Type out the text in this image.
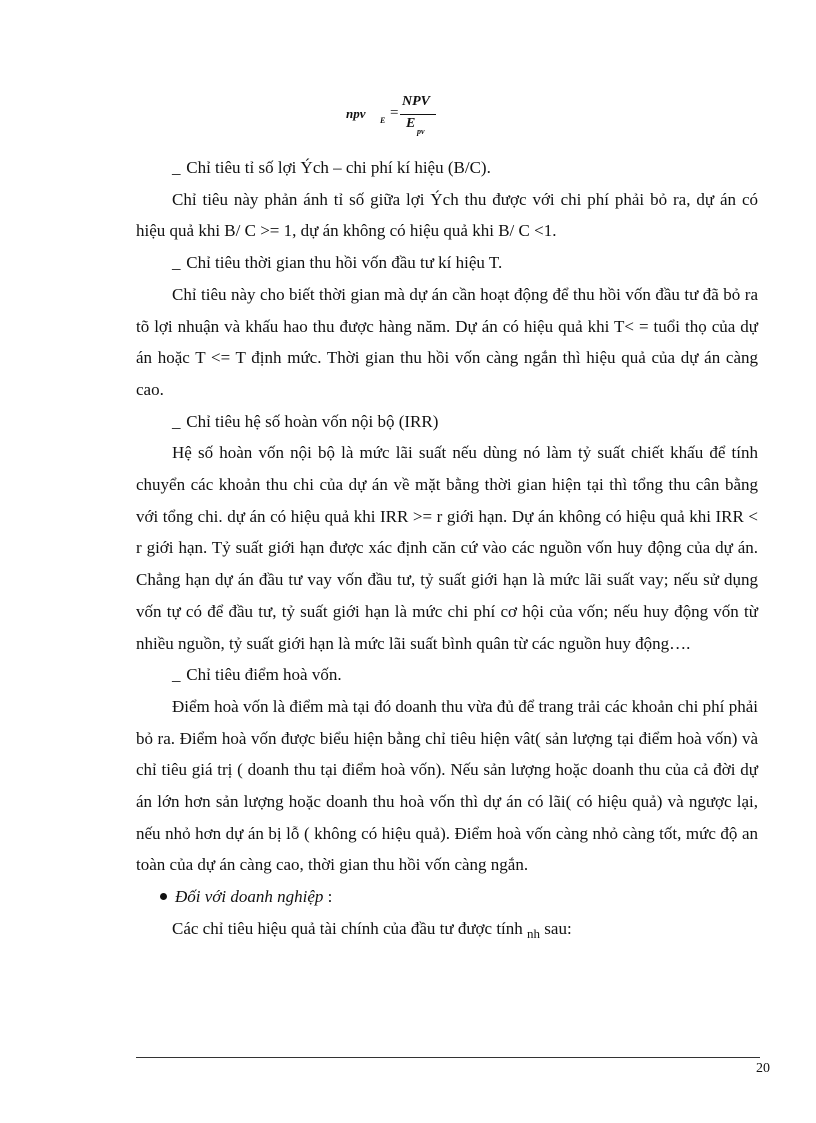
npv E =
NPV
E
pv

_ Chỉ tiêu tỉ số lợi Ých – chi phí kí hiệu (B/C).

Chỉ tiêu này phản ánh tỉ số giữa lợi Ých thu được với chi phí phải bỏ ra, dự án có hiệu quả khi B/ C >= 1, dự án không có hiệu quả khi B/ C <1.

_ Chỉ tiêu thời gian thu hồi vốn đầu tư kí hiệu T.

Chỉ tiêu này cho biết thời gian mà dự án cần hoạt động để thu hồi vốn đầu tư đã bỏ ra tõ lợi nhuận và khấu hao thu được hàng năm. Dự án có hiệu quả khi T< = tuổi thọ của dự án hoặc T <= T định mức. Thời gian thu hồi vốn càng ngắn thì hiệu quả của dự án càng cao.

_ Chỉ tiêu hệ số hoàn vốn nội bộ (IRR)

Hệ số hoàn vốn nội bộ là mức lãi suất nếu dùng nó làm tỷ suất chiết khấu để tính chuyển các khoản thu chi của dự án về mặt bằng thời gian hiện tại thì tổng thu cân bằng với tổng chi. dự án có hiệu quả khi IRR >= r giới hạn. Dự án không có hiệu quả khi IRR < r giới hạn. Tỷ suất giới hạn được xác định căn cứ vào các nguồn vốn huy động của dự án. Chẳng hạn dự án đầu tư vay vốn đầu tư, tỷ suất giới hạn là mức lãi suất vay; nếu sử dụng vốn tự có để đầu tư, tỷ suất giới hạn là mức chi phí cơ hội của vốn; nếu huy động vốn từ nhiều nguồn, tỷ suất giới hạn là mức lãi suất bình quân từ các nguồn huy động….

_ Chỉ tiêu điểm hoà vốn.

Điểm hoà vốn là điểm mà tại đó doanh thu vừa đủ để trang trải các khoản chi phí phải bỏ ra. Điểm hoà vốn được biểu hiện bằng chỉ tiêu hiện vât( sản lượng tại điểm hoà vốn) và chỉ tiêu giá trị ( doanh thu tại điểm hoà vốn). Nếu sản lượng hoặc doanh thu của cả đời dự án lớn hơn sản lượng hoặc doanh thu hoà vốn thì dự án có lãi( có hiệu quả) và ngược lại, nếu nhỏ hơn dự án bị lỗ ( không có hiệu quả). Điểm hoà vốn càng nhỏ càng tốt, mức độ an toàn của dự án càng cao, thời gian thu hồi vốn càng ngắn.

Đối với doanh nghiệp :

Các chỉ tiêu hiệu quả tài chính của đầu tư được tính $_{nh}$ sau:

20
